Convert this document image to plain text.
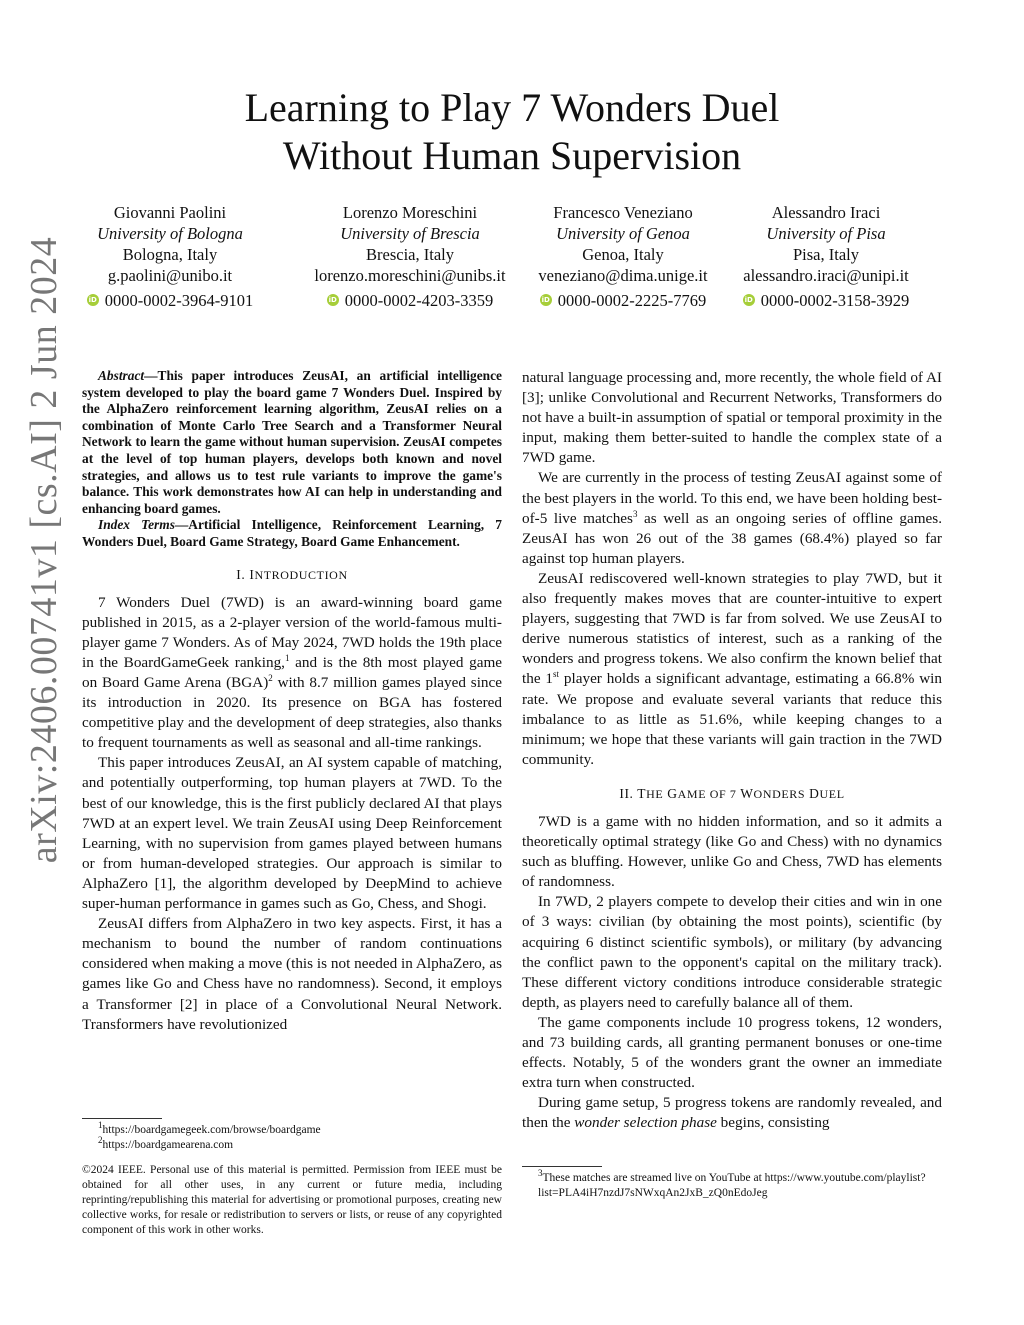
arXiv:2406.00741v1 [cs.AI] 2 Jun 2024
Learning to Play 7 Wonders Duel
Without Human Supervision
Giovanni Paolini
University of Bologna
Bologna, Italy
g.paolini@unibo.it
iD 0000-0002-3964-9101
Lorenzo Moreschini
University of Brescia
Brescia, Italy
lorenzo.moreschini@unibs.it
iD 0000-0002-4203-3359
Francesco Veneziano
University of Genoa
Genoa, Italy
veneziano@dima.unige.it
iD 0000-0002-2225-7769
Alessandro Iraci
University of Pisa
Pisa, Italy
alessandro.iraci@unipi.it
iD 0000-0002-3158-3929

Abstract—This paper introduces ZeusAI, an artificial intelligence system developed to play the board game 7 Wonders Duel. Inspired by the AlphaZero reinforcement learning algorithm, ZeusAI relies on a combination of Monte Carlo Tree Search and a Transformer Neural Network to learn the game without human supervision. ZeusAI competes at the level of top human players, develops both known and novel strategies, and allows us to test rule variants to improve the game's balance. This work demonstrates how AI can help in understanding and enhancing board games.

Index Terms—Artificial Intelligence, Reinforcement Learning, 7 Wonders Duel, Board Game Strategy, Board Game Enhancement.

I. INTRODUCTION

7 Wonders Duel (7WD) is an award-winning board game published in 2015, as a 2-player version of the world-famous multi-player game 7 Wonders. As of May 2024, 7WD holds the 19th place in the BoardGameGeek ranking,$^1$ and is the 8th most played game on Board Game Arena (BGA)$^2$ with 8.7 million games played since its introduction in 2020. Its presence on BGA has fostered competitive play and the development of deep strategies, also thanks to frequent tournaments as well as seasonal and all-time rankings.

This paper introduces ZeusAI, an AI system capable of matching, and potentially outperforming, top human players at 7WD. To the best of our knowledge, this is the first publicly declared AI that plays 7WD at an expert level. We train ZeusAI using Deep Reinforcement Learning, with no supervision from games played between humans or from human-developed strategies. Our approach is similar to AlphaZero [1], the algorithm developed by DeepMind to achieve super-human performance in games such as Go, Chess, and Shogi.

ZeusAI differs from AlphaZero in two key aspects. First, it has a mechanism to bound the number of random continuations considered when making a move (this is not needed in AlphaZero, as games like Go and Chess have no randomness). Second, it employs a Transformer [2] in place of a Convolutional Neural Network. Transformers have revolutionized

$^1$https://boardgamegeek.com/browse/boardgame
$^2$https://boardgamearena.com
©2024 IEEE. Personal use of this material is permitted. Permission from IEEE must be obtained for all other uses, in any current or future media, including reprinting/republishing this material for advertising or promotional purposes, creating new collective works, for resale or redistribution to servers or lists, or reuse of any copyrighted component of this work in other works.

natural language processing and, more recently, the whole field of AI [3]; unlike Convolutional and Recurrent Networks, Transformers do not have a built-in assumption of spatial or temporal proximity in the input, making them better-suited to handle the complex state of a 7WD game.

We are currently in the process of testing ZeusAI against some of the best players in the world. To this end, we have been holding best-of-5 live matches$^3$ as well as an ongoing series of offline games. ZeusAI has won 26 out of the 38 games (68.4%) played so far against top human players.

ZeusAI rediscovered well-known strategies to play 7WD, but it also frequently makes moves that are counter-intuitive to expert players, suggesting that 7WD is far from solved. We use ZeusAI to derive numerous statistics of interest, such as a ranking of the wonders and progress tokens. We also confirm the known belief that the 1st player holds a significant advantage, estimating a 66.8% win rate. We propose and evaluate several variants that reduce this imbalance to as little as 51.6%, while keeping changes to a minimum; we hope that these variants will gain traction in the 7WD community.

II. THE GAME OF 7 WONDERS DUEL

7WD is a game with no hidden information, and so it admits a theoretically optimal strategy (like Go and Chess) with no dynamics such as bluffing. However, unlike Go and Chess, 7WD has elements of randomness.

In 7WD, 2 players compete to develop their cities and win in one of 3 ways: civilian (by obtaining the most points), scientific (by acquiring 6 distinct scientific symbols), or military (by advancing the conflict pawn to the opponent's capital on the military track). These different victory conditions introduce considerable strategic depth, as players need to carefully balance all of them.

The game components include 10 progress tokens, 12 wonders, and 73 building cards, all granting permanent bonuses or one-time effects. Notably, 5 of the wonders grant the owner an immediate extra turn when constructed.

During game setup, 5 progress tokens are randomly revealed, and then the wonder selection phase begins, consisting

$^3$These matches are streamed live on YouTube at https://www.youtube.com/playlist?list=PLA4iH7nzdJ7sNWxqAn2JxB_zQ0nEdoJeg
